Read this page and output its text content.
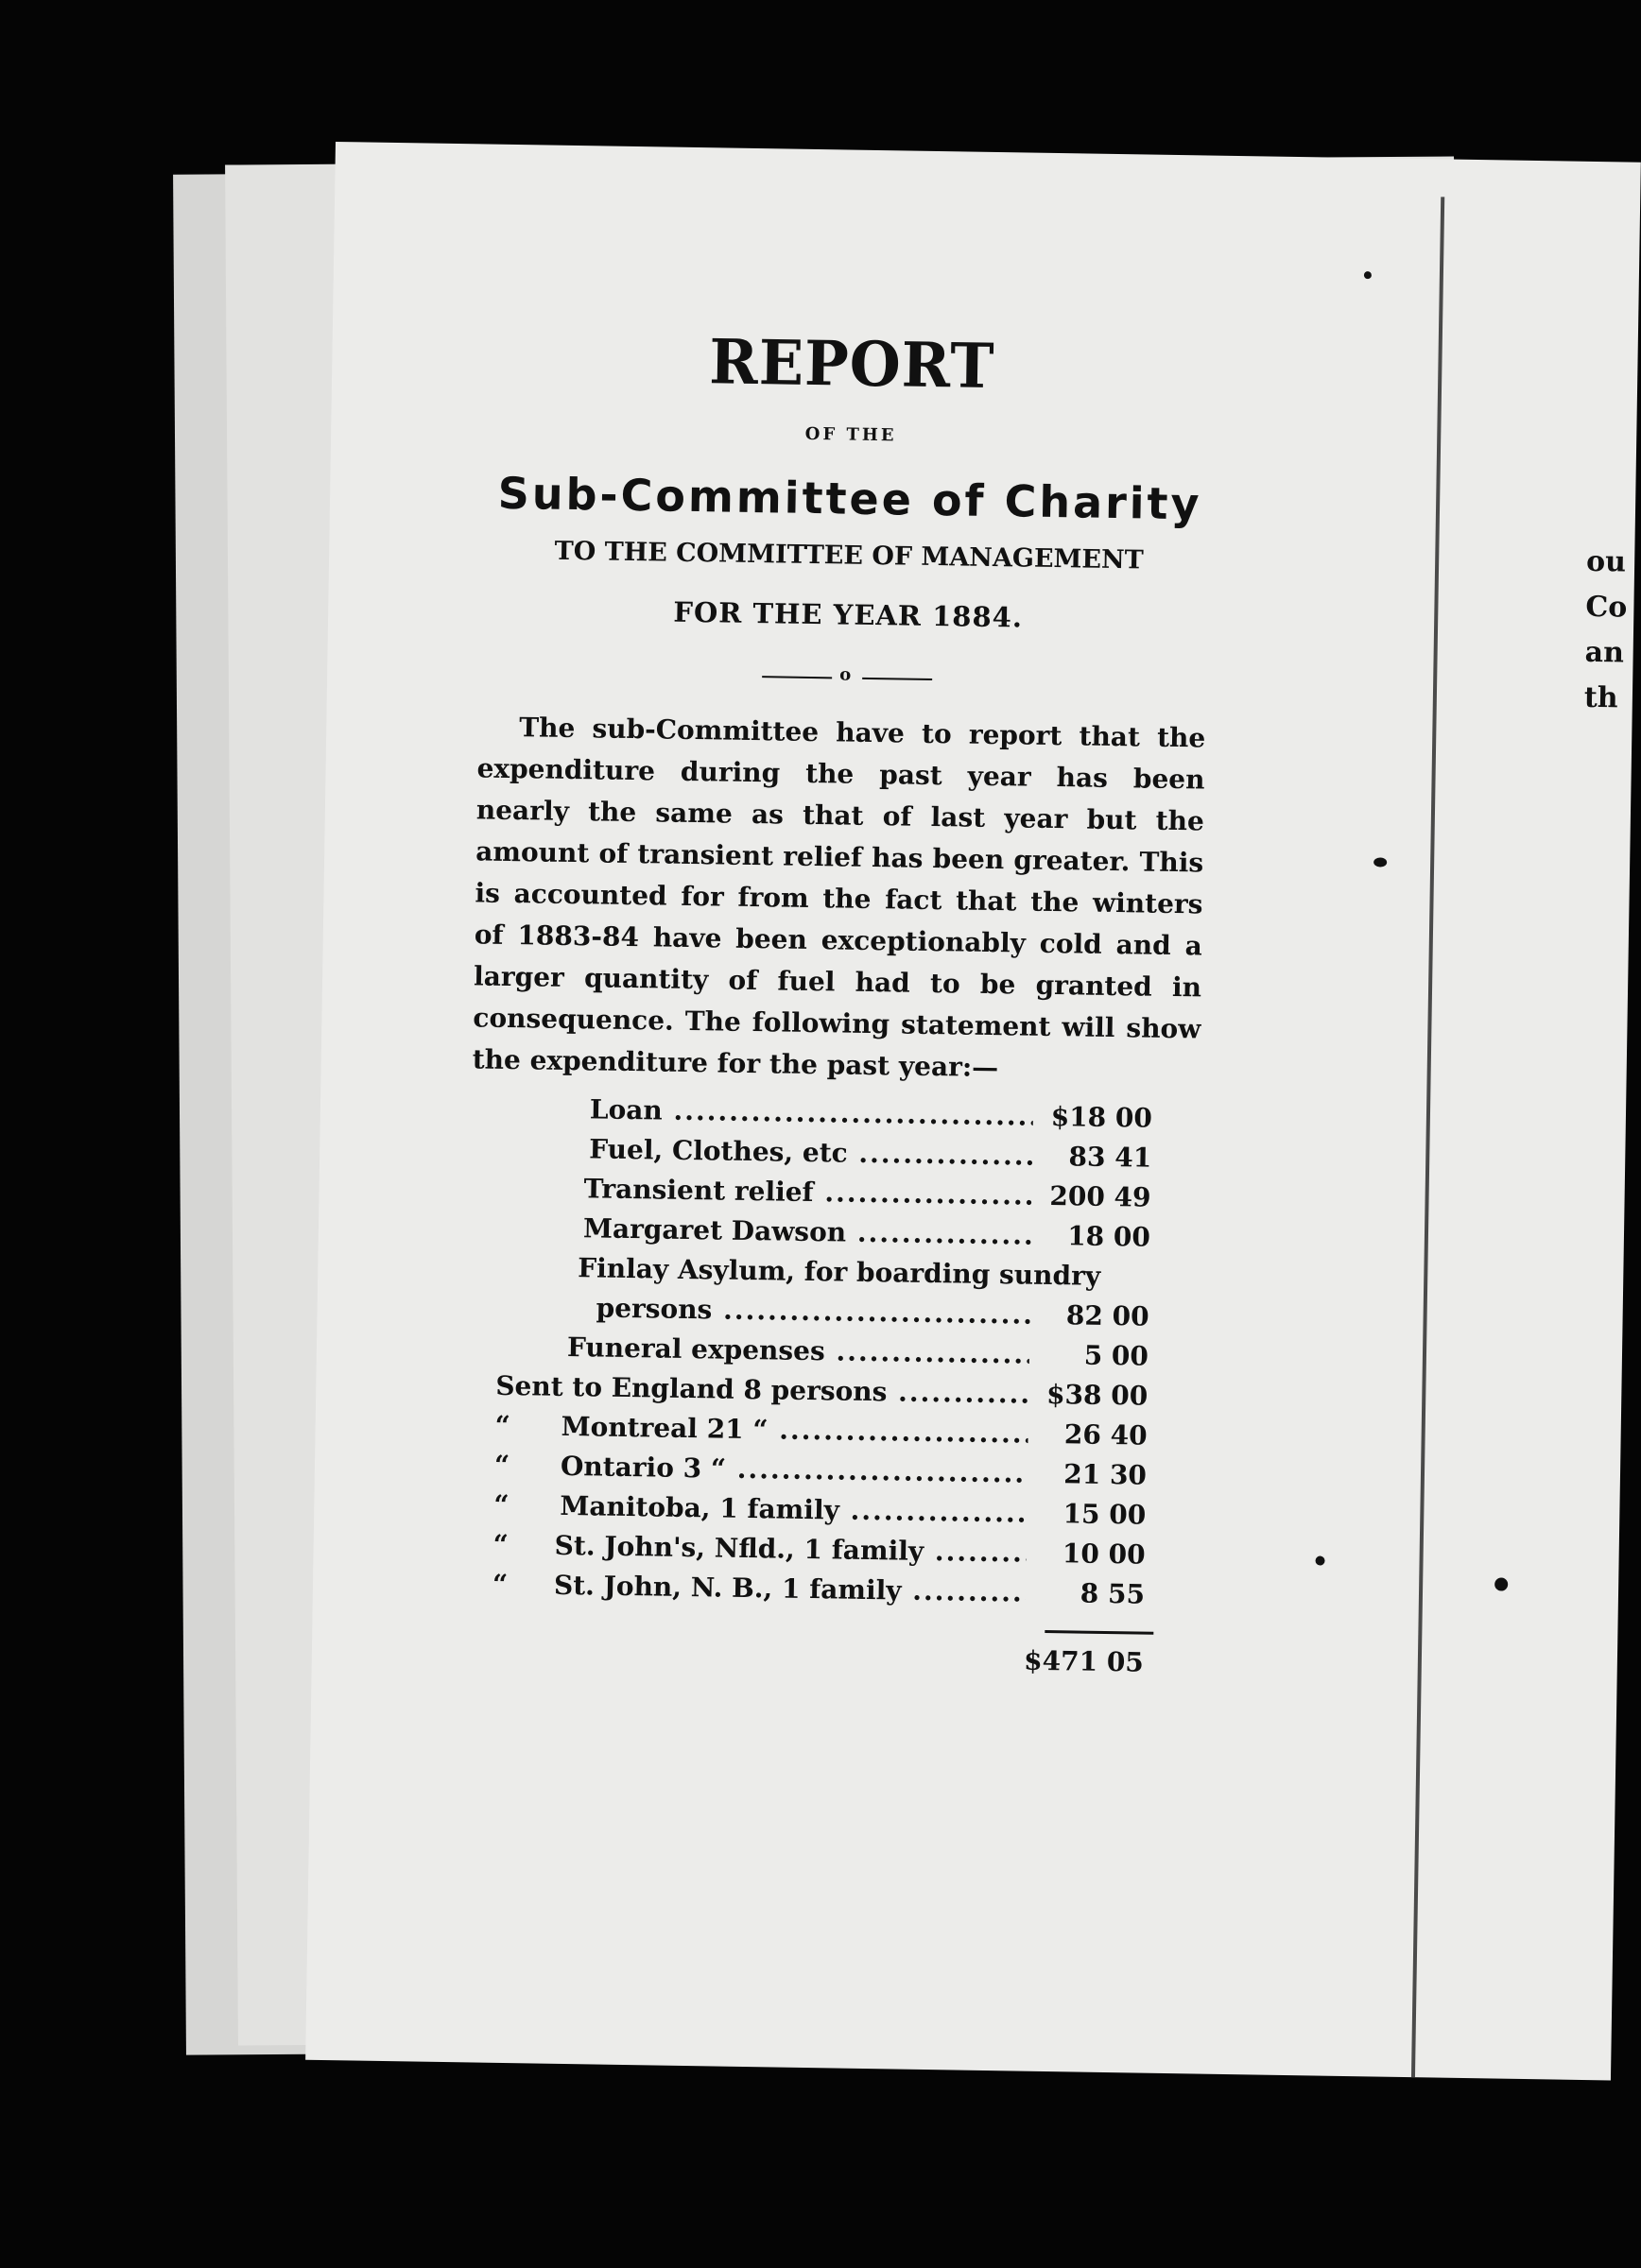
ou
Co
an
th
REPORT
OF THE
Sub-Committee of Charity
TO THE COMMITTEE OF MANAGEMENT
FOR THE YEAR 1884.
o
The sub-Committee have to report that the expenditure during the past year has been nearly the same as that of last year but the amount of transient relief has been greater. This is accounted for from the fact that the winters of 1883-84 have been exceptionably cold and a larger quantity of fuel had to be granted in consequence. The following statement will show the expenditure for the past year:—
Loan .....	$18 00
Fuel, Clothes, etc .....	83 41
Transient relief .....	200 49
Margaret Dawson .....	18 00
Finlay Asylum, for boarding sundry
persons .....	82 00
Funeral expenses .....	5 00
Sent to England 8 persons .....	$38 00
“ Montreal 21 “ .....	26 40
“ Ontario 3 “ .....	21 30
“ Manitoba, 1 family .....	15 00
“ St. John's, Nfld., 1 family .....	10 00
“ St. John, N. B., 1 family .....	8 55
$471 05
